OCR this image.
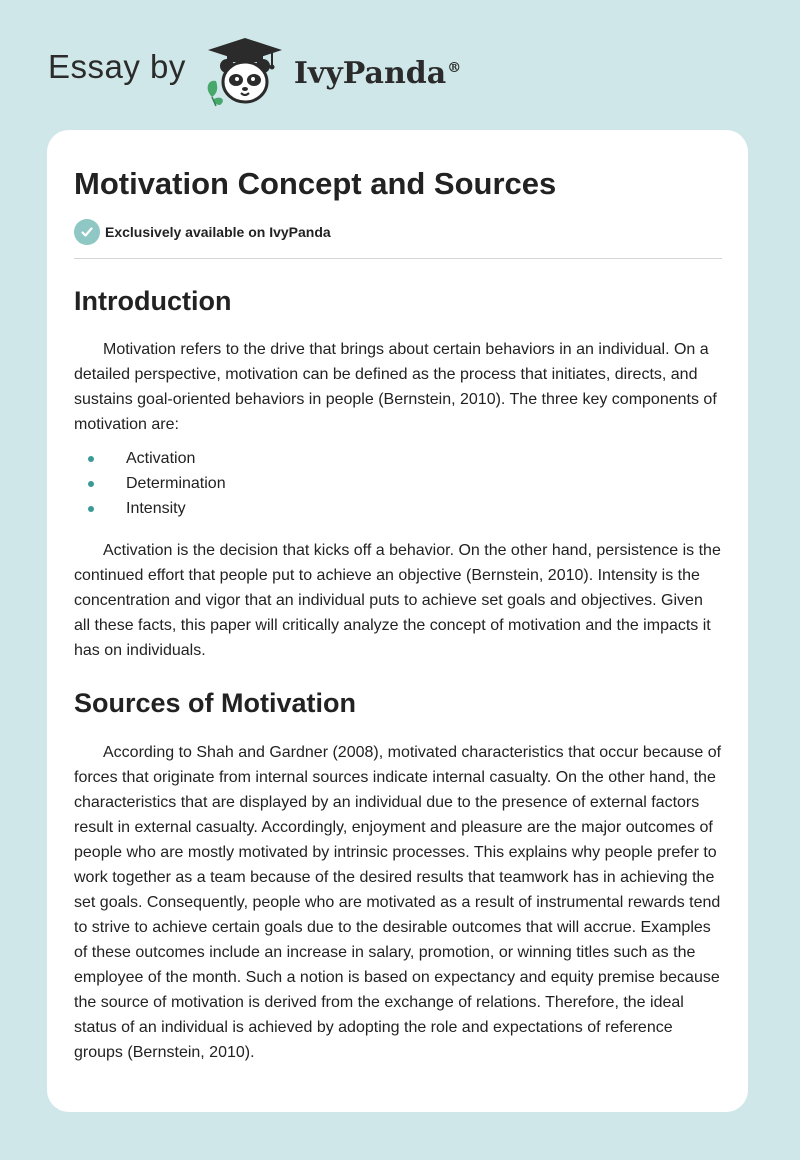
Essay by	IvyPanda®
Motivation Concept and Sources
Exclusively available on IvyPanda
Introduction

Motivation refers to the drive that brings about certain behaviors in an individual. On a detailed perspective, motivation can be defined as the process that initiates, directs, and sustains goal-oriented behaviors in people (Bernstein, 2010). The three key components of motivation are:

Activation
Determination
Intensity

Activation is the decision that kicks off a behavior. On the other hand, persistence is the continued effort that people put to achieve an objective (Bernstein, 2010). Intensity is the concentration and vigor that an individual puts to achieve set goals and objectives. Given all these facts, this paper will critically analyze the concept of motivation and the impacts it has on individuals.

Sources of Motivation

According to Shah and Gardner (2008), motivated characteristics that occur because of forces that originate from internal sources indicate internal casualty. On the other hand, the characteristics that are displayed by an individual due to the presence of external factors result in external casualty. Accordingly, enjoyment and pleasure are the major outcomes of people who are mostly motivated by intrinsic processes. This explains why people prefer to work together as a team because of the desired results that teamwork has in achieving the set goals. Consequently, people who are motivated as a result of instrumental rewards tend to strive to achieve certain goals due to the desirable outcomes that will accrue. Examples of these outcomes include an increase in salary, promotion, or winning titles such as the employee of the month. Such a notion is based on expectancy and equity premise because the source of motivation is derived from the exchange of relations. Therefore, the ideal status of an individual is achieved by adopting the role and expectations of reference groups (Bernstein, 2010).
